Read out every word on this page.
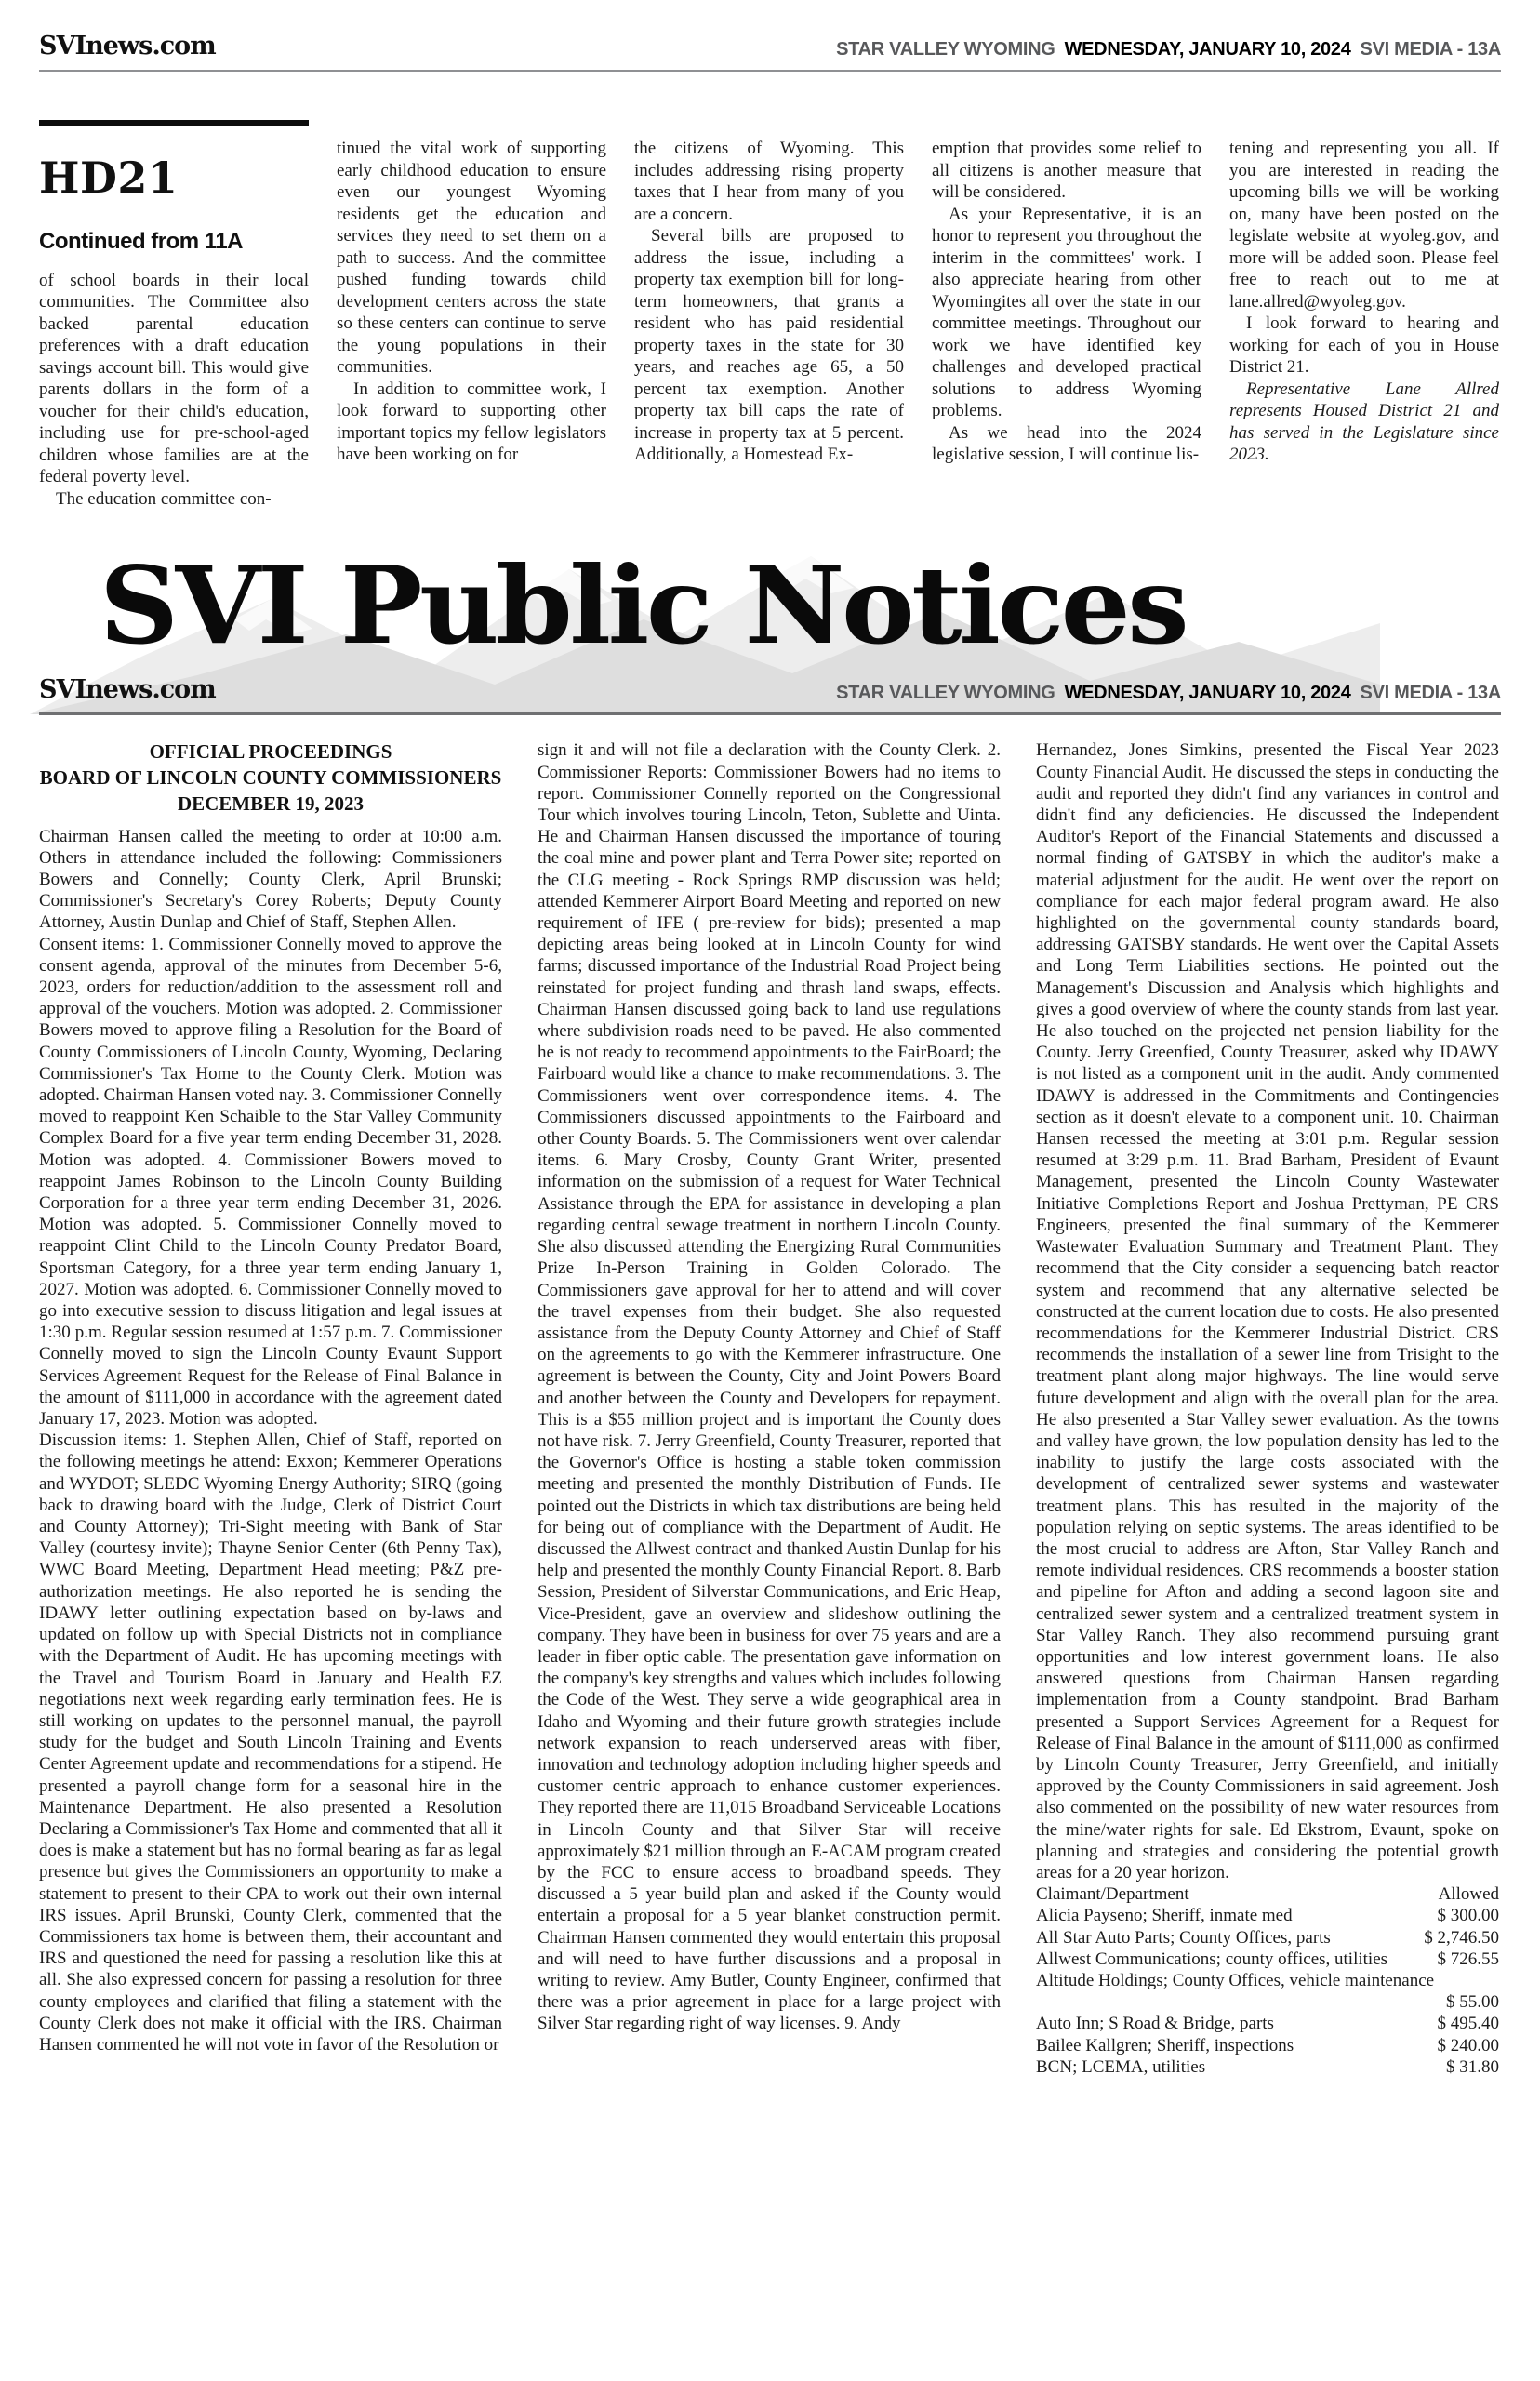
SVInews.com	STAR VALLEY WYOMING WEDNESDAY, JANUARY 10, 2024 SVI MEDIA - 13A
HD21
Continued from 11A

of school boards in their local communities. The Committee also backed parental education preferences with a draft education savings account bill. This would give parents dollars in the form of a voucher for their child's education, including use for pre-school-aged children whose families are at the federal poverty level.

The education committee con-

tinued the vital work of supporting early childhood education to ensure even our youngest Wyoming residents get the education and services they need to set them on a path to success. And the committee pushed funding towards child development centers across the state so these centers can continue to serve the young populations in their communities.

In addition to committee work, I look forward to supporting other important topics my fellow legislators have been working on for

the citizens of Wyoming. This includes addressing rising property taxes that I hear from many of you are a concern.

Several bills are proposed to address the issue, including a property tax exemption bill for long-term homeowners, that grants a resident who has paid residential property taxes in the state for 30 years, and reaches age 65, a 50 percent tax exemption. Another property tax bill caps the rate of increase in property tax at 5 percent. Additionally, a Homestead Ex-

emption that provides some relief to all citizens is another measure that will be considered.

As your Representative, it is an honor to represent you throughout the interim in the committees' work. I also appreciate hearing from other Wyomingites all over the state in our committee meetings. Throughout our work we have identified key challenges and developed practical solutions to address Wyoming problems.

As we head into the 2024 legislative session, I will continue lis-

tening and representing you all. If you are interested in reading the upcoming bills we will be working on, many have been posted on the legislate website at wyoleg.gov, and more will be added soon. Please feel free to reach out to me at lane.allred@wyoleg.gov.

I look forward to hearing and working for each of you in House District 21.

Representative Lane Allred represents Housed District 21 and has served in the Legislature since 2023.

SVI Public Notices
SVInews.com	STAR VALLEY WYOMING WEDNESDAY, JANUARY 10, 2024 SVI MEDIA - 13A
OFFICIAL PROCEEDINGS
BOARD OF LINCOLN COUNTY COMMISSIONERS
DECEMBER 19, 2023

Chairman Hansen called the meeting to order at 10:00 a.m. Others in attendance included the following: Commissioners Bowers and Connelly; County Clerk, April Brunski; Commissioner's Secretary's Corey Roberts; Deputy County Attorney, Austin Dunlap and Chief of Staff, Stephen Allen.

Consent items: 1. Commissioner Connelly moved to approve the consent agenda, approval of the minutes from December 5-6, 2023, orders for reduction/addition to the assessment roll and approval of the vouchers. Motion was adopted. 2. Commissioner Bowers moved to approve filing a Resolution for the Board of County Commissioners of Lincoln County, Wyoming, Declaring Commissioner's Tax Home to the County Clerk. Motion was adopted. Chairman Hansen voted nay. 3. Commissioner Connelly moved to reappoint Ken Schaible to the Star Valley Community Complex Board for a five year term ending December 31, 2028. Motion was adopted. 4. Commissioner Bowers moved to reappoint James Robinson to the Lincoln County Building Corporation for a three year term ending December 31, 2026. Motion was adopted. 5. Commissioner Connelly moved to reappoint Clint Child to the Lincoln County Predator Board, Sportsman Category, for a three year term ending January 1, 2027. Motion was adopted. 6. Commissioner Connelly moved to go into executive session to discuss litigation and legal issues at 1:30 p.m. Regular session resumed at 1:57 p.m. 7. Commissioner Connelly moved to sign the Lincoln County Evaunt Support Services Agreement Request for the Release of Final Balance in the amount of $111,000 in accordance with the agreement dated January 17, 2023. Motion was adopted.

Discussion items: 1. Stephen Allen, Chief of Staff, reported on the following meetings he attend: Exxon; Kemmerer Operations and WYDOT; SLEDC Wyoming Energy Authority; SIRQ (going back to drawing board with the Judge, Clerk of District Court and County Attorney); Tri-Sight meeting with Bank of Star Valley (courtesy invite); Thayne Senior Center (6th Penny Tax), WWC Board Meeting, Department Head meeting; P&Z pre-authorization meetings. He also reported he is sending the IDAWY letter outlining expectation based on by-laws and updated on follow up with Special Districts not in compliance with the Department of Audit. He has upcoming meetings with the Travel and Tourism Board in January and Health EZ negotiations next week regarding early termination fees. He is still working on updates to the personnel manual, the payroll study for the budget and South Lincoln Training and Events Center Agreement update and recommendations for a stipend. He presented a payroll change form for a seasonal hire in the Maintenance Department. He also presented a Resolution Declaring a Commissioner's Tax Home and commented that all it does is make a statement but has no formal bearing as far as legal presence but gives the Commissioners an opportunity to make a statement to present to their CPA to work out their own internal IRS issues. April Brunski, County Clerk, commented that the Commissioners tax home is between them, their accountant and IRS and questioned the need for passing a resolution like this at all. She also expressed concern for passing a resolution for three county employees and clarified that filing a statement with the County Clerk does not make it official with the IRS. Chairman Hansen commented he will not vote in favor of the Resolution or

sign it and will not file a declaration with the County Clerk. 2. Commissioner Reports: Commissioner Bowers had no items to report. Commissioner Connelly reported on the Congressional Tour which involves touring Lincoln, Teton, Sublette and Uinta. He and Chairman Hansen discussed the importance of touring the coal mine and power plant and Terra Power site; reported on the CLG meeting - Rock Springs RMP discussion was held; attended Kemmerer Airport Board Meeting and reported on new requirement of IFE ( pre-review for bids); presented a map depicting areas being looked at in Lincoln County for wind farms; discussed importance of the Industrial Road Project being reinstated for project funding and thrash land swaps, effects. Chairman Hansen discussed going back to land use regulations where subdivision roads need to be paved. He also commented he is not ready to recommend appointments to the FairBoard; the Fairboard would like a chance to make recommendations. 3. The Commissioners went over correspondence items. 4. The Commissioners discussed appointments to the Fairboard and other County Boards. 5. The Commissioners went over calendar items. 6. Mary Crosby, County Grant Writer, presented information on the submission of a request for Water Technical Assistance through the EPA for assistance in developing a plan regarding central sewage treatment in northern Lincoln County. She also discussed attending the Energizing Rural Communities Prize In-Person Training in Golden Colorado. The Commissioners gave approval for her to attend and will cover the travel expenses from their budget. She also requested assistance from the Deputy County Attorney and Chief of Staff on the agreements to go with the Kemmerer infrastructure. One agreement is between the County, City and Joint Powers Board and another between the County and Developers for repayment. This is a $55 million project and is important the County does not have risk. 7. Jerry Greenfield, County Treasurer, reported that the Governor's Office is hosting a stable token commission meeting and presented the monthly Distribution of Funds. He pointed out the Districts in which tax distributions are being held for being out of compliance with the Department of Audit. He discussed the Allwest contract and thanked Austin Dunlap for his help and presented the monthly County Financial Report. 8. Barb Session, President of Silverstar Communications, and Eric Heap, Vice-President, gave an overview and slideshow outlining the company. They have been in business for over 75 years and are a leader in fiber optic cable. The presentation gave information on the company's key strengths and values which includes following the Code of the West. They serve a wide geographical area in Idaho and Wyoming and their future growth strategies include network expansion to reach underserved areas with fiber, innovation and technology adoption including higher speeds and customer centric approach to enhance customer experiences. They reported there are 11,015 Broadband Serviceable Locations in Lincoln County and that Silver Star will receive approximately $21 million through an E-ACAM program created by the FCC to ensure access to broadband speeds. They discussed a 5 year build plan and asked if the County would entertain a proposal for a 5 year blanket construction permit. Chairman Hansen commented they would entertain this proposal and will need to have further discussions and a proposal in writing to review. Amy Butler, County Engineer, confirmed that there was a prior agreement in place for a large project with Silver Star regarding right of way licenses. 9. Andy

Hernandez, Jones Simkins, presented the Fiscal Year 2023 County Financial Audit. He discussed the steps in conducting the audit and reported they didn't find any variances in control and didn't find any deficiencies. He discussed the Independent Auditor's Report of the Financial Statements and discussed a normal finding of GATSBY in which the auditor's make a material adjustment for the audit. He went over the report on compliance for each major federal program award. He also highlighted on the governmental county standards board, addressing GATSBY standards. He went over the Capital Assets and Long Term Liabilities sections. He pointed out the Management's Discussion and Analysis which highlights and gives a good overview of where the county stands from last year. He also touched on the projected net pension liability for the County. Jerry Greenfied, County Treasurer, asked why IDAWY is not listed as a component unit in the audit. Andy commented IDAWY is addressed in the Commitments and Contingencies section as it doesn't elevate to a component unit. 10. Chairman Hansen recessed the meeting at 3:01 p.m. Regular session resumed at 3:29 p.m. 11. Brad Barham, President of Evaunt Management, presented the Lincoln County Wastewater Initiative Completions Report and Joshua Prettyman, PE CRS Engineers, presented the final summary of the Kemmerer Wastewater Evaluation Summary and Treatment Plant. They recommend that the City consider a sequencing batch reactor system and recommend that any alternative selected be constructed at the current location due to costs. He also presented recommendations for the Kemmerer Industrial District. CRS recommends the installation of a sewer line from Trisight to the treatment plant along major highways. The line would serve future development and align with the overall plan for the area. He also presented a Star Valley sewer evaluation. As the towns and valley have grown, the low population density has led to the inability to justify the large costs associated with the development of centralized sewer systems and wastewater treatment plans. This has resulted in the majority of the population relying on septic systems. The areas identified to be the most crucial to address are Afton, Star Valley Ranch and remote individual residences. CRS recommends a booster station and pipeline for Afton and adding a second lagoon site and centralized sewer system and a centralized treatment system in Star Valley Ranch. They also recommend pursuing grant opportunities and low interest government loans. He also answered questions from Chairman Hansen regarding implementation from a County standpoint. Brad Barham presented a Support Services Agreement for a Request for Release of Final Balance in the amount of $111,000 as confirmed by Lincoln County Treasurer, Jerry Greenfield, and initially approved by the County Commissioners in said agreement. Josh also commented on the possibility of new water resources from the mine/water rights for sale. Ed Ekstrom, Evaunt, spoke on planning and strategies and considering the potential growth areas for a 20 year horizon.

Claimant/Department	Allowed
Alicia Payseno; Sheriff, inmate med	$ 300.00
All Star Auto Parts; County Offices, parts	$ 2,746.50
Allwest Communications; county offices, utilities	$ 726.55
Altitude Holdings; County Offices, vehicle maintenance
$ 55.00
Auto Inn; S Road & Bridge, parts	$ 495.40
Bailee Kallgren; Sheriff, inspections	$ 240.00
BCN; LCEMA, utilities	$ 31.80
